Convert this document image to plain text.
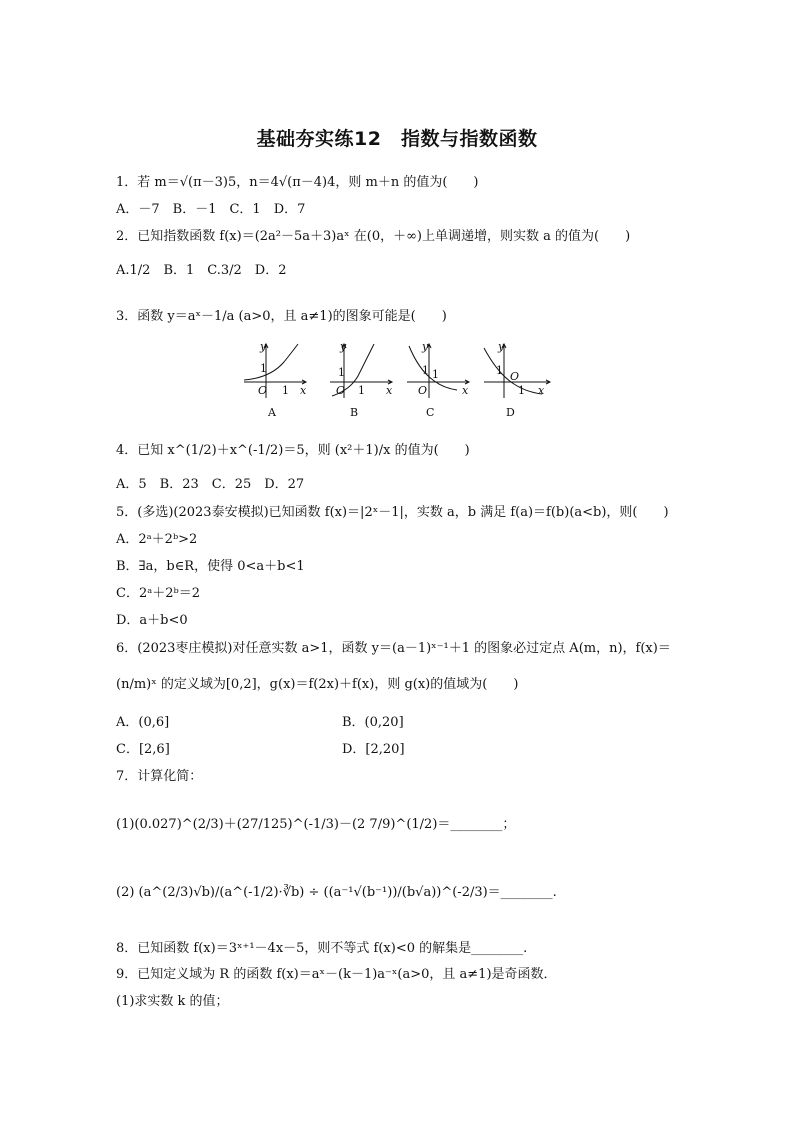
基础夯实练12　指数与指数函数
1．若 m＝√(π－3)5，n＝4√(π－4)4，则 m＋n 的值为(　　)
A．－7　B．－1　C．1　D．7
2．已知指数函数 f(x)＝(2a²－5a＋3)aˣ 在(0，＋∞)上单调递增，则实数 a 的值为(　　)
A.1/2　B．1　C.3/2　D．2
3．函数 y＝aˣ－1/a (a>0，且 a≠1)的图象可能是(　　)
y
1
O 1 x
y
1
O 1 x
y
1
O
1
x
y
1 O
1 x
A	B	C	D
4．已知 x^(1/2)＋x^(-1/2)＝5，则 (x²＋1)/x 的值为(　　)
A．5　B．23　C．25　D．27
5．(多选)(2023泰安模拟)已知函数 f(x)＝|2ˣ－1|，实数 a，b 满足 f(a)＝f(b)(a<b)，则(　　)
A．2ᵃ＋2ᵇ>2
B．∃a，b∈R，使得 0<a＋b<1
C．2ᵃ＋2ᵇ＝2
D．a＋b<0
6．(2023枣庄模拟)对任意实数 a>1，函数 y＝(a－1)ˣ⁻¹＋1 的图象必过定点 A(m，n)，f(x)＝
(n/m)ˣ 的定义域为[0,2]，g(x)＝f(2x)＋f(x)，则 g(x)的值域为(　　)
A．(0,6]	B．(0,20]
C．[2,6]	D．[2,20]
7．计算化简：
(1)(0.027)^(2/3)＋(27/125)^(-1/3)－(2 7/9)^(1/2)＝________；
(2) (a^(2/3)√b)/(a^(-1/2)·∛b) ÷ ((a⁻¹√(b⁻¹))/(b√a))^(-2/3)＝________.
8．已知函数 f(x)＝3ˣ⁺¹－4x－5，则不等式 f(x)<0 的解集是________.
9．已知定义域为 R 的函数 f(x)＝aˣ－(k－1)a⁻ˣ(a>0，且 a≠1)是奇函数．
(1)求实数 k 的值；
